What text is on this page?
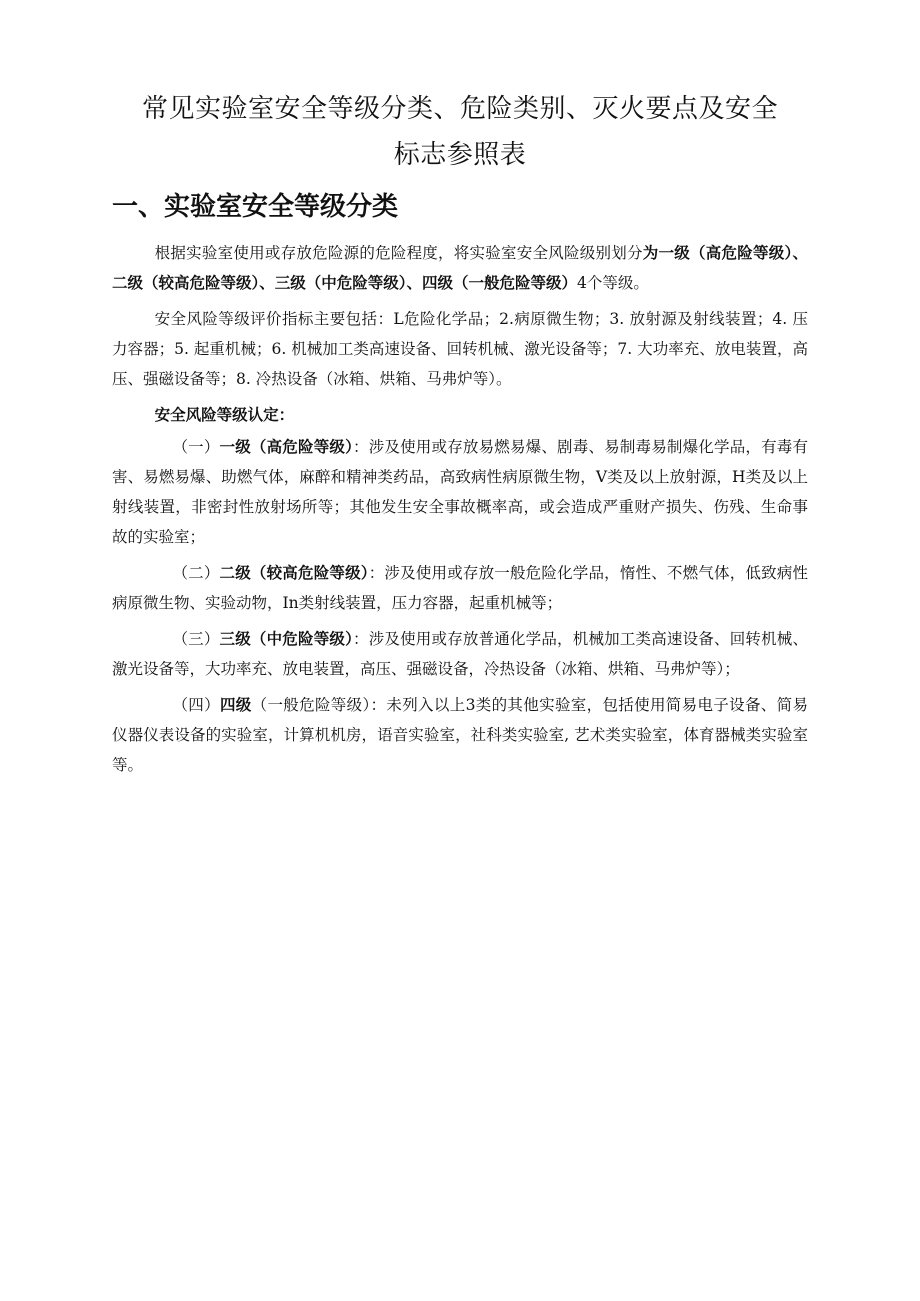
常见实验室安全等级分类、危险类别、灭火要点及安全
标志参照表
一、实验室安全等级分类

根据实验室使用或存放危险源的危险程度，将实验室安全风险级别划分为一级（高危险等级）、二级（较高危险等级）、三级（中危险等级）、四级（一般危险等级）4个等级。

安全风险等级评价指标主要包括：L危险化学品；2.病原微生物；3. 放射源及射线装置；4. 压力容器；5. 起重机械；6. 机械加工类高速设备、回转机械、激光设备等；7. 大功率充、放电装置，高压、强磁设备等；8. 冷热设备（冰箱、烘箱、马弗炉等）。

安全风险等级认定：

（一）一级（高危险等级）：涉及使用或存放易燃易爆、剧毒、易制毒易制爆化学品，有毒有害、易燃易爆、助燃气体，麻醉和精神类药品，高致病性病原微生物，V类及以上放射源，H类及以上射线装置，非密封性放射场所等；其他发生安全事故概率高，或会造成严重财产损失、伤残、生命事故的实验室；

（二）二级（较高危险等级）：涉及使用或存放一般危险化学品，惰性、不燃气体，低致病性病原微生物、实验动物，In类射线装置，压力容器，起重机械等；

（三）三级（中危险等级）：涉及使用或存放普通化学品，机械加工类高速设备、回转机械、激光设备等，大功率充、放电装置，高压、强磁设备，冷热设备（冰箱、烘箱、马弗炉等）；

（四）四级（一般危险等级）：未列入以上3类的其他实验室，包括使用简易电子设备、简易仪器仪表设备的实验室，计算机机房，语音实验室，社科类实验室, 艺术类实验室，体育器械类实验室等。
